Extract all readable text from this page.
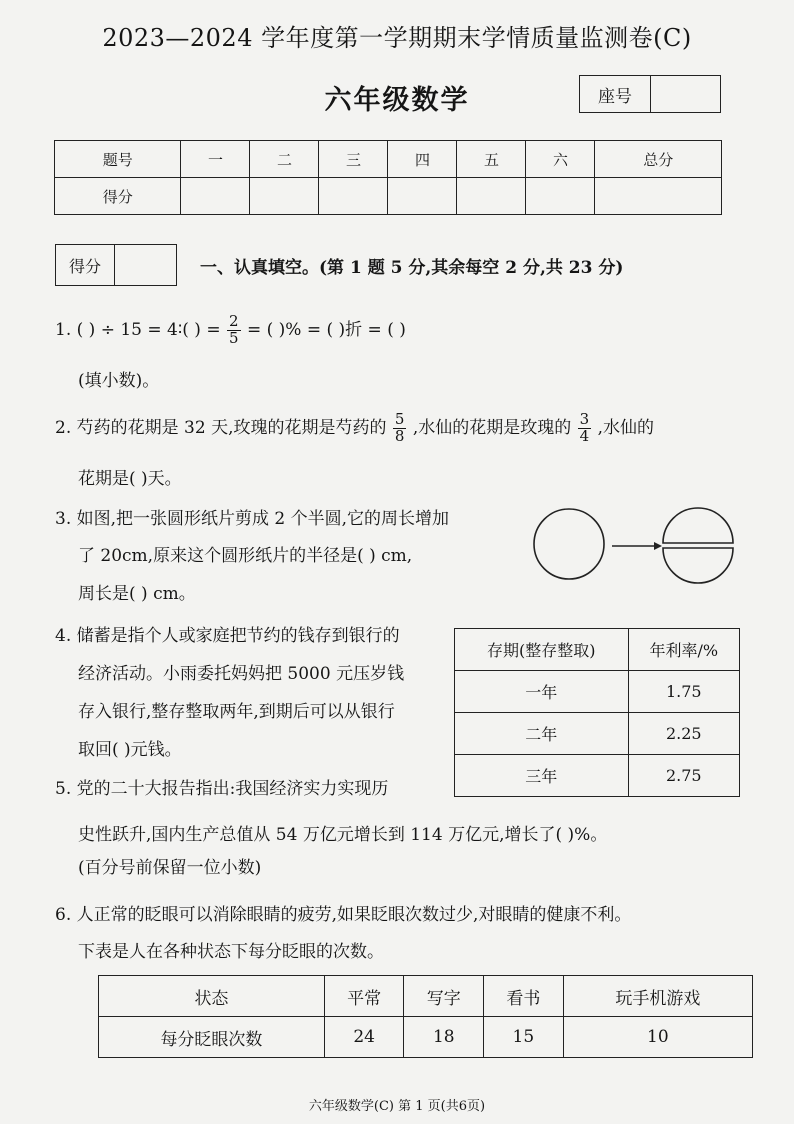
2023—2024 学年度第一学期期末学情质量监测卷(C)
六年级数学	座号
题号	一	二	三	四	五	六	总分
得分							
得分	一、认真填空。(第 1 题 5 分,其余每空 2 分,共 23 分)
1. ( ) ÷ 15 = 4∶( ) = $\frac{2}{5}$ = ( )% = ( )折 = ( )
(填小数)。
2. 芍药的花期是 32 天,玫瑰的花期是芍药的 $\frac{5}{8}$ ,水仙的花期是玫瑰的 $\frac{3}{4}$ ,水仙的
花期是( )天。
3. 如图,把一张圆形纸片剪成 2 个半圆,它的周长增加
了 20cm,原来这个圆形纸片的半径是( ) cm,
周长是( ) cm。
4. 储蓄是指个人或家庭把节约的钱存到银行的
经济活动。小雨委托妈妈把 5000 元压岁钱
存入银行,整存整取两年,到期后可以从银行
取回( )元钱。
存期(整存整取)	年利率/%
一年	1.75
二年	2.25
三年	2.75
5. 党的二十大报告指出:我国经济实力实现历
史性跃升,国内生产总值从 54 万亿元增长到 114 万亿元,增长了( )%。
(百分号前保留一位小数)
6. 人正常的眨眼可以消除眼睛的疲劳,如果眨眼次数过少,对眼睛的健康不利。
下表是人在各种状态下每分眨眼的次数。
状态	平常	写字	看书	玩手机游戏
每分眨眼次数	24	18	15	10
六年级数学(C) 第 1 页(共6页)
